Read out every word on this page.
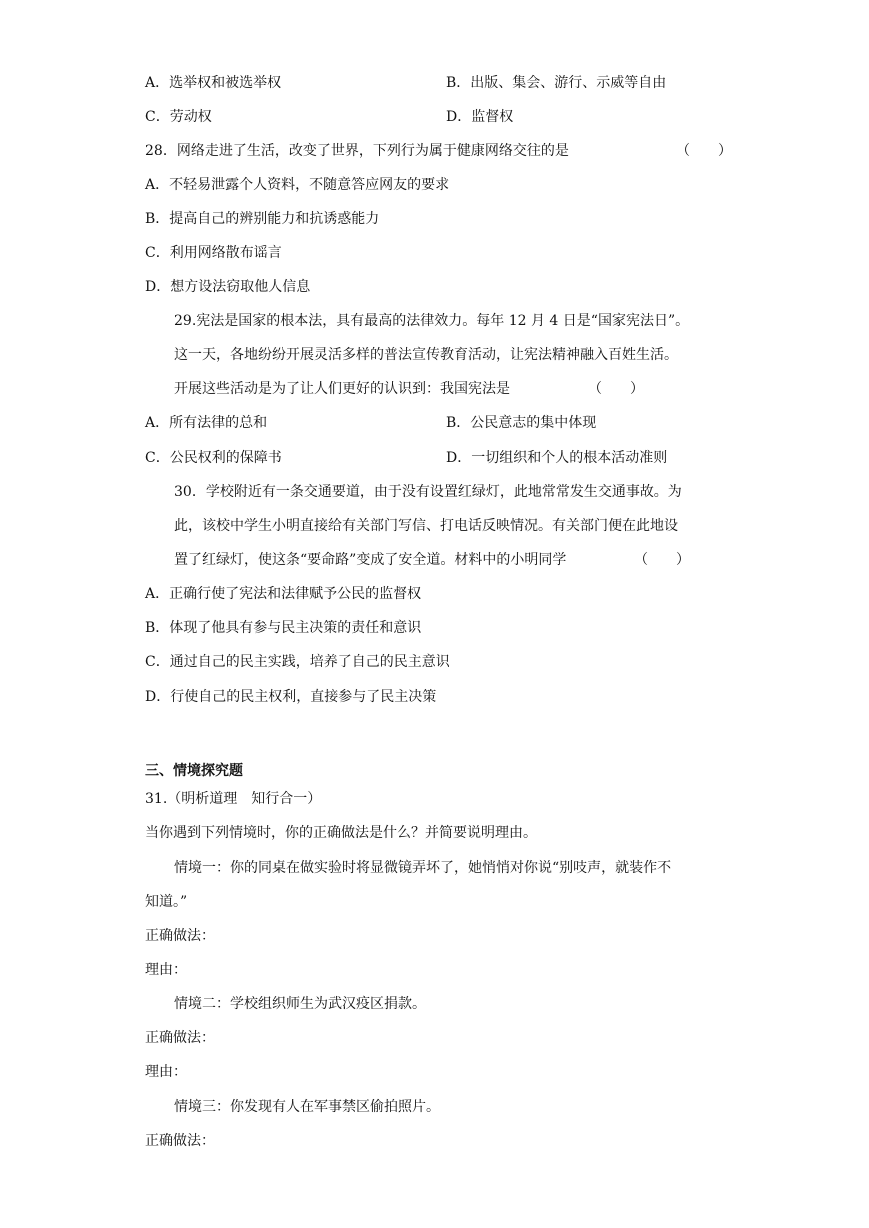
A．选举权和被选举权	B．出版、集会、游行、示威等自由
C．劳动权	D．监督权
28．网络走进了生活，改变了世界，下列行为属于健康网络交往的是	（　　）
A．不轻易泄露个人资料，不随意答应网友的要求
B．提高自己的辨别能力和抗诱惑能力
C．利用网络散布谣言
D．想方设法窃取他人信息
29.宪法是国家的根本法，具有最高的法律效力。每年 12 月 4 日是“国家宪法日”。
这一天，各地纷纷开展灵活多样的普法宣传教育活动，让宪法精神融入百姓生活。
开展这些活动是为了让人们更好的认识到：我国宪法是	（　　）
A．所有法律的总和	B．公民意志的集中体现
C．公民权利的保障书	D．一切组织和个人的根本活动准则
30．学校附近有一条交通要道，由于没有设置红绿灯，此地常常发生交通事故。为
此，该校中学生小明直接给有关部门写信、打电话反映情况。有关部门便在此地设
置了红绿灯，使这条“要命路”变成了安全道。材料中的小明同学	（　　）
A．正确行使了宪法和法律赋予公民的监督权
B．体现了他具有参与民主决策的责任和意识
C．通过自己的民主实践，培养了自己的民主意识
D．行使自己的民主权利，直接参与了民主决策
三、情境探究题
31.（明析道理　知行合一）
当你遇到下列情境时，你的正确做法是什么？并简要说明理由。
情境一：你的同桌在做实验时将显微镜弄坏了，她悄悄对你说“别吱声，就装作不
知道。”
正确做法：
理由：
情境二：学校组织师生为武汉疫区捐款。
正确做法：
理由：
情境三：你发现有人在军事禁区偷拍照片。
正确做法：
